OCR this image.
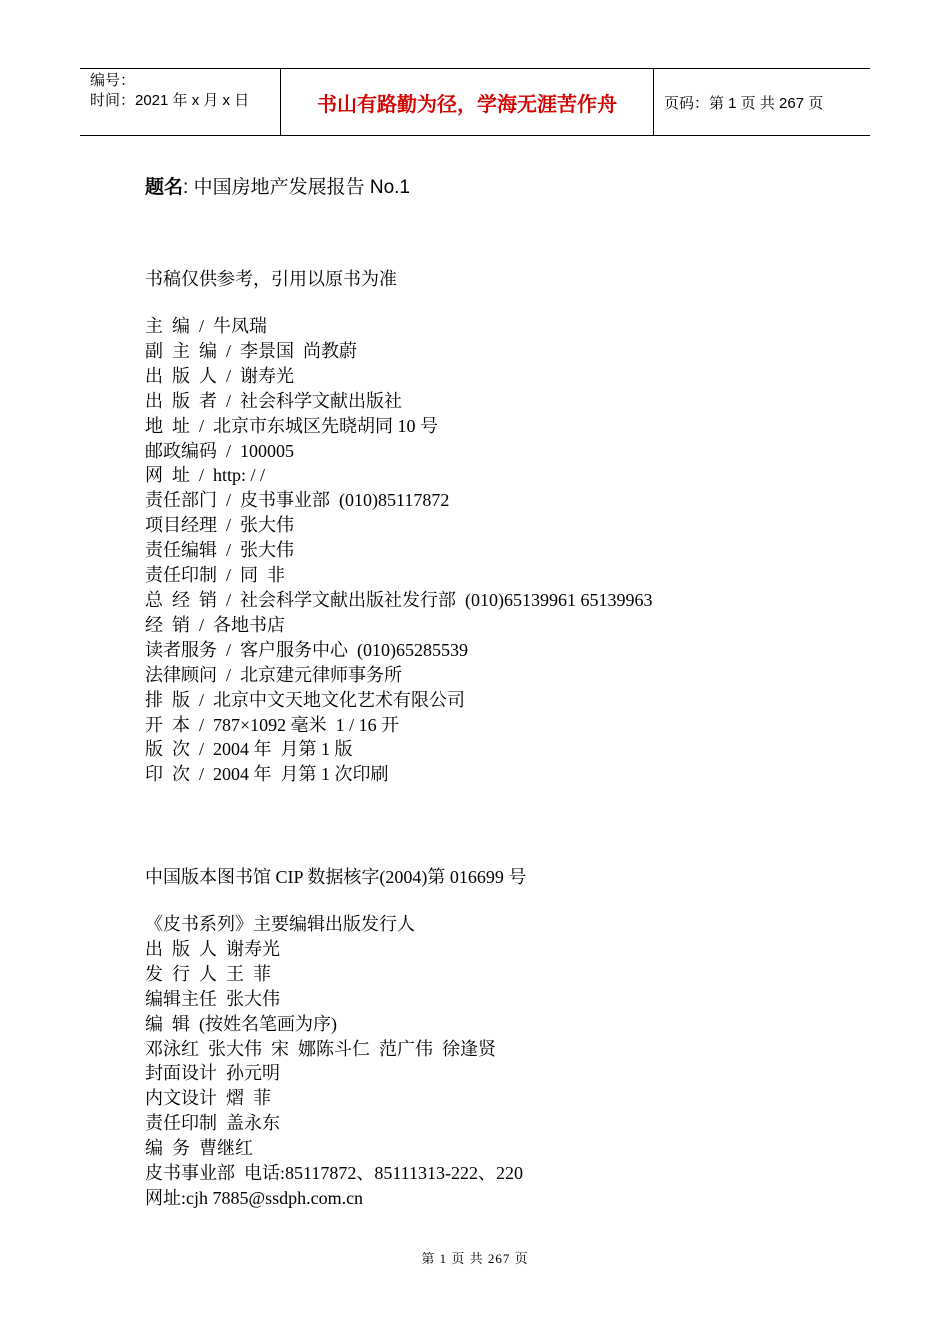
编号：
时间：2021 年 x 月 x 日	书山有路勤为径，学海无涯苦作舟	页码：第 1 页 共 267 页
题名: 中国房地产发展报告 No.1
书稿仅供参考，引用以原书为准
主  编  /  牛凤瑞
副  主  编  /  李景国  尚教蔚
出  版  人  /  谢寿光
出  版  者  /  社会科学文献出版社
地  址  /  北京市东城区先晓胡同 10 号
邮政编码  /  100005
网  址  /  http: / /
责任部门  /  皮书事业部  (010)85117872
项目经理  /  张大伟
责任编辑  /  张大伟
责任印制  /  同  非
总  经  销  /  社会科学文献出版社发行部  (010)65139961 65139963
经  销  /  各地书店
读者服务  /  客户服务中心  (010)65285539
法律顾问  /  北京建元律师事务所
排  版  /  北京中文天地文化艺术有限公司
开  本  /  787×1092 毫米  1 / 16 开
版  次  /  2004 年  月第 1 版
印  次  /  2004 年  月第 1 次印刷
中国版本图书馆 CIP 数据核字(2004)第 016699 号
《皮书系列》主要编辑出版发行人
出  版  人  谢寿光
发  行  人  王  菲
编辑主任  张大伟
编  辑  (按姓名笔画为序)
邓泳红  张大伟  宋  娜陈斗仁  范广伟  徐逢贤
封面设计  孙元明
内文设计  熠  菲
责任印制  盖永东
编  务  曹继红
皮书事业部  电话:85117872、85111313-222、220
网址:cjh 7885@ssdph.com.cn
第 1 页 共 267 页
